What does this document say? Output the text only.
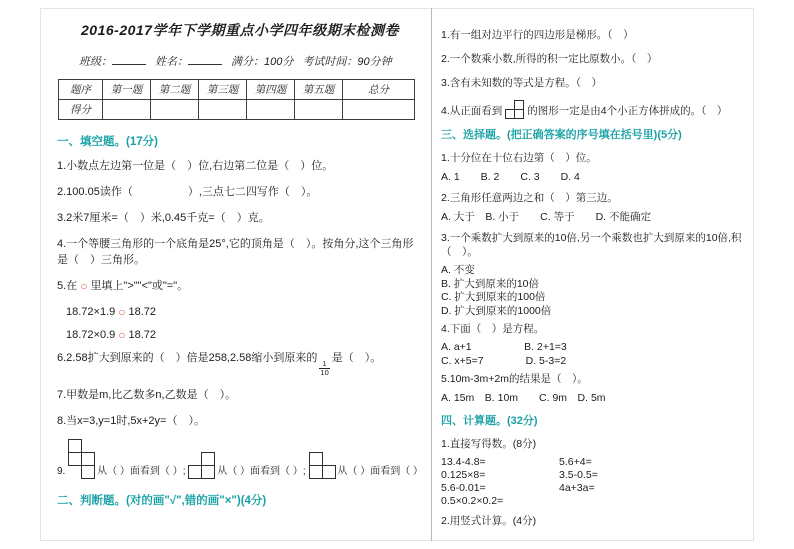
2016-2017学年下学期重点小学四年级期末检测卷
班级：	姓名：	满分：100分 考试时间：90分钟
题序	第一题	第二题	第三题	第四题	第五题	总分
得分						
一、填空题。(17分)

1.小数点左边第一位是（　）位,右边第二位是（　）位。

2.100.05读作（　　　　　）,三点七二四写作（　）。

3.2米7厘米=（　）米,0.45千克=（　）克。

4.一个等腰三角形的一个底角是25°,它的顶角是（　）。按角分,这个三角形是（　）三角形。

5.在 ○ 里填上">""<"或"="。

18.72×1.9 ○ 18.72

18.72×0.9 ○ 18.72

6.2.58扩大到原来的（　）倍是258,2.58缩小到原来的
$\frac{1}{10}$
是（　）。

7.甲数是m,比乙数多n,乙数是（　）。

8.当x=3,y=1时,5x+2y=（　）。

9.	从（ ）面看到（ ）;	从（ ）面看到（ ）;	从（ ）面看到（ ）
二、判断题。(对的画"√",错的画"×")(4分)

1.有一组对边平行的四边形是梯形。（　）

2.一个数乘小数,所得的积一定比原数小。（　）

3.含有未知数的等式是方程。（　）

4.从正面看到 的图形一定是由4个小正方体拼成的。（　）
三、选择题。(把正确答案的序号填在括号里)(5分)

1.十分位在十位右边第（　）位。

A. 1　　B. 2　　C. 3　　D. 4

2.三角形任意两边之和（　）第三边。

A. 大于　B. 小于　　C. 等于　　D. 不能确定

3.一个乘数扩大到原来的10倍,另一个乘数也扩大到原来的10倍,积（　）。

A. 不变

B. 扩大到原来的10倍

C. 扩大到原来的100倍

D. 扩大到原来的1000倍

4.下面（　）是方程。

A. a+1　　　　　B. 2+1=3

C. x+5=7　　　　D. 5-3=2

5.10m-3m+2m的结果是（　）。

A. 15m　B. 10m　　C. 9m　D. 5m

四、计算题。(32分)

1.直接写得数。(8分)

13.4-4.8=	5.6+4=
0.125×8=	3.5-0.5=
5.6-0.01=	4a+3a=
0.5×0.2×0.2=

2.用竖式计算。(4分)
